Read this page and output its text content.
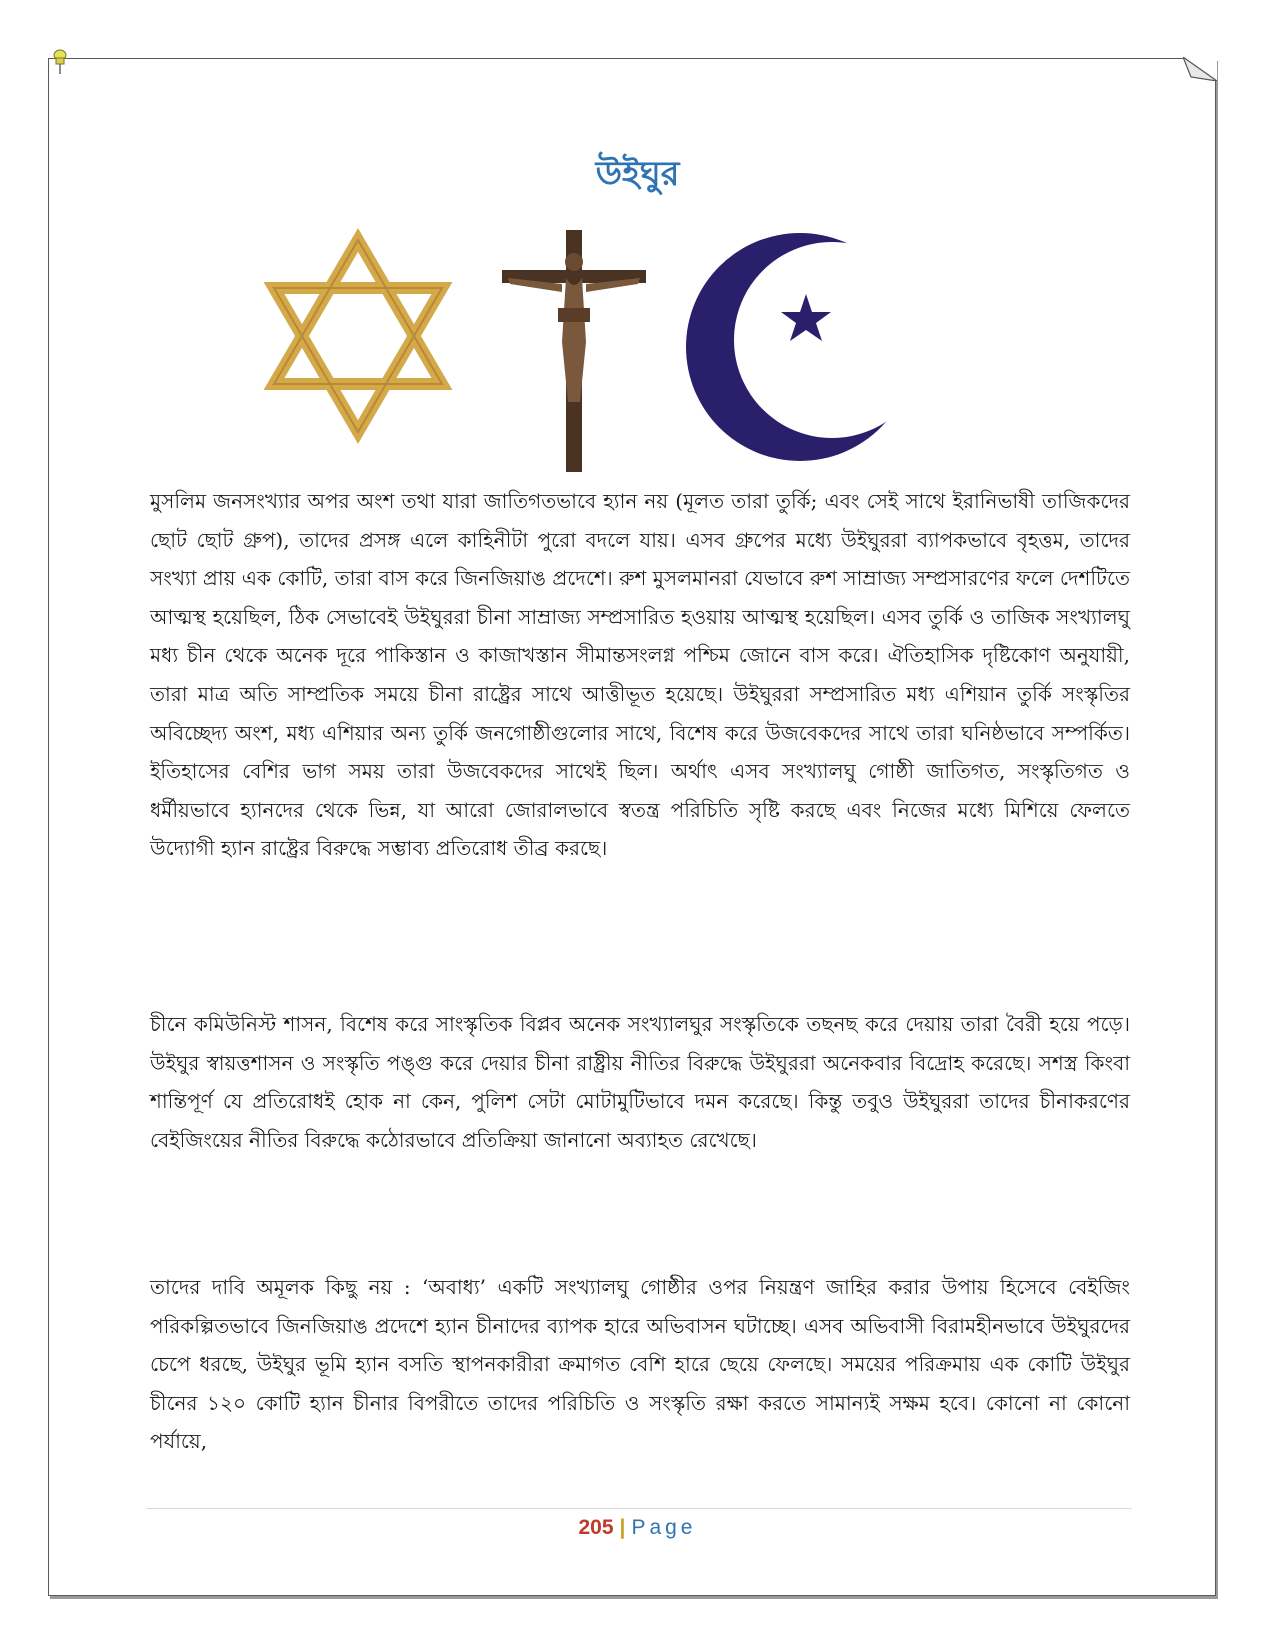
উইঘুর
মুসলিম জনসংখ্যার অপর অংশ তথা যারা জাতিগতভাবে হ্যান নয় (মূলত তারা তুর্কি; এবং সেই সাথে ইরানিভাষী তাজিকদের ছোট ছোট গ্রুপ), তাদের প্রসঙ্গ এলে কাহিনীটা পুরো বদলে যায়। এসব গ্রুপের মধ্যে উইঘুররা ব্যাপকভাবে বৃহত্তম, তাদের সংখ্যা প্রায় এক কোটি, তারা বাস করে জিনজিয়াঙ প্রদেশে। রুশ মুসলমানরা যেভাবে রুশ সাম্রাজ্য সম্প্রসারণের ফলে দেশটিতে আত্মস্থ হয়েছিল, ঠিক সেভাবেই উইঘুররা চীনা সাম্রাজ্য সম্প্রসারিত হওয়ায় আত্মস্থ হয়েছিল। এসব তুর্কি ও তাজিক সংখ্যালঘু মধ্য চীন থেকে অনেক দূরে পাকিস্তান ও কাজাখস্তান সীমান্তসংলগ্ন পশ্চিম জোনে বাস করে। ঐতিহাসিক দৃষ্টিকোণ অনুযায়ী, তারা মাত্র অতি সাম্প্রতিক সময়ে চীনা রাষ্ট্রের সাথে আত্তীভূত হয়েছে। উইঘুররা সম্প্রসারিত মধ্য এশিয়ান তুর্কি সংস্কৃতির অবিচ্ছেদ্য অংশ, মধ্য এশিয়ার অন্য তুর্কি জনগোষ্ঠীগুলোর সাথে, বিশেষ করে উজবেকদের সাথে তারা ঘনিষ্ঠভাবে সম্পর্কিত। ইতিহাসের বেশির ভাগ সময় তারা উজবেকদের সাথেই ছিল। অর্থাৎ এসব সংখ্যালঘু গোষ্ঠী জাতিগত, সংস্কৃতিগত ও ধর্মীয়ভাবে হ্যানদের থেকে ভিন্ন, যা আরো জোরালভাবে স্বতন্ত্র পরিচিতি সৃষ্টি করছে এবং নিজের মধ্যে মিশিয়ে ফেলতে উদ্যোগী হ্যান রাষ্ট্রের বিরুদ্ধে সম্ভাব্য প্রতিরোধ তীব্র করছে।
চীনে কমিউনিস্ট শাসন, বিশেষ করে সাংস্কৃতিক বিপ্লব অনেক সংখ্যালঘুর সংস্কৃতিকে তছনছ করে দেয়ায় তারা বৈরী হয়ে পড়ে। উইঘুর স্বায়ত্তশাসন ও সংস্কৃতি পঙ্গু করে দেয়ার চীনা রাষ্ট্রীয় নীতির বিরুদ্ধে উইঘুররা অনেকবার বিদ্রোহ করেছে। সশস্ত্র কিংবা শান্তিপূর্ণ যে প্রতিরোধই হোক না কেন, পুলিশ সেটা মোটামুটিভাবে দমন করেছে। কিন্তু তবুও উইঘুররা তাদের চীনাকরণের বেইজিংয়ের নীতির বিরুদ্ধে কঠোরভাবে প্রতিক্রিয়া জানানো অব্যাহত রেখেছে।
তাদের দাবি অমূলক কিছু নয় : ‘অবাধ্য’ একটি সংখ্যালঘু গোষ্ঠীর ওপর নিয়ন্ত্রণ জাহির করার উপায় হিসেবে বেইজিং পরিকল্পিতভাবে জিনজিয়াঙ প্রদেশে হ্যান চীনাদের ব্যাপক হারে অভিবাসন ঘটাচ্ছে। এসব অভিবাসী বিরামহীনভাবে উইঘুরদের চেপে ধরছে, উইঘুর ভূমি হ্যান বসতি স্থাপনকারীরা ক্রমাগত বেশি হারে ছেয়ে ফেলছে। সময়ের পরিক্রমায় এক কোটি উইঘুর চীনের ১২০ কোটি হ্যান চীনার বিপরীতে তাদের পরিচিতি ও সংস্কৃতি রক্ষা করতে সামান্যই সক্ষম হবে। কোনো না কোনো পর্যায়ে,
205 | Page
